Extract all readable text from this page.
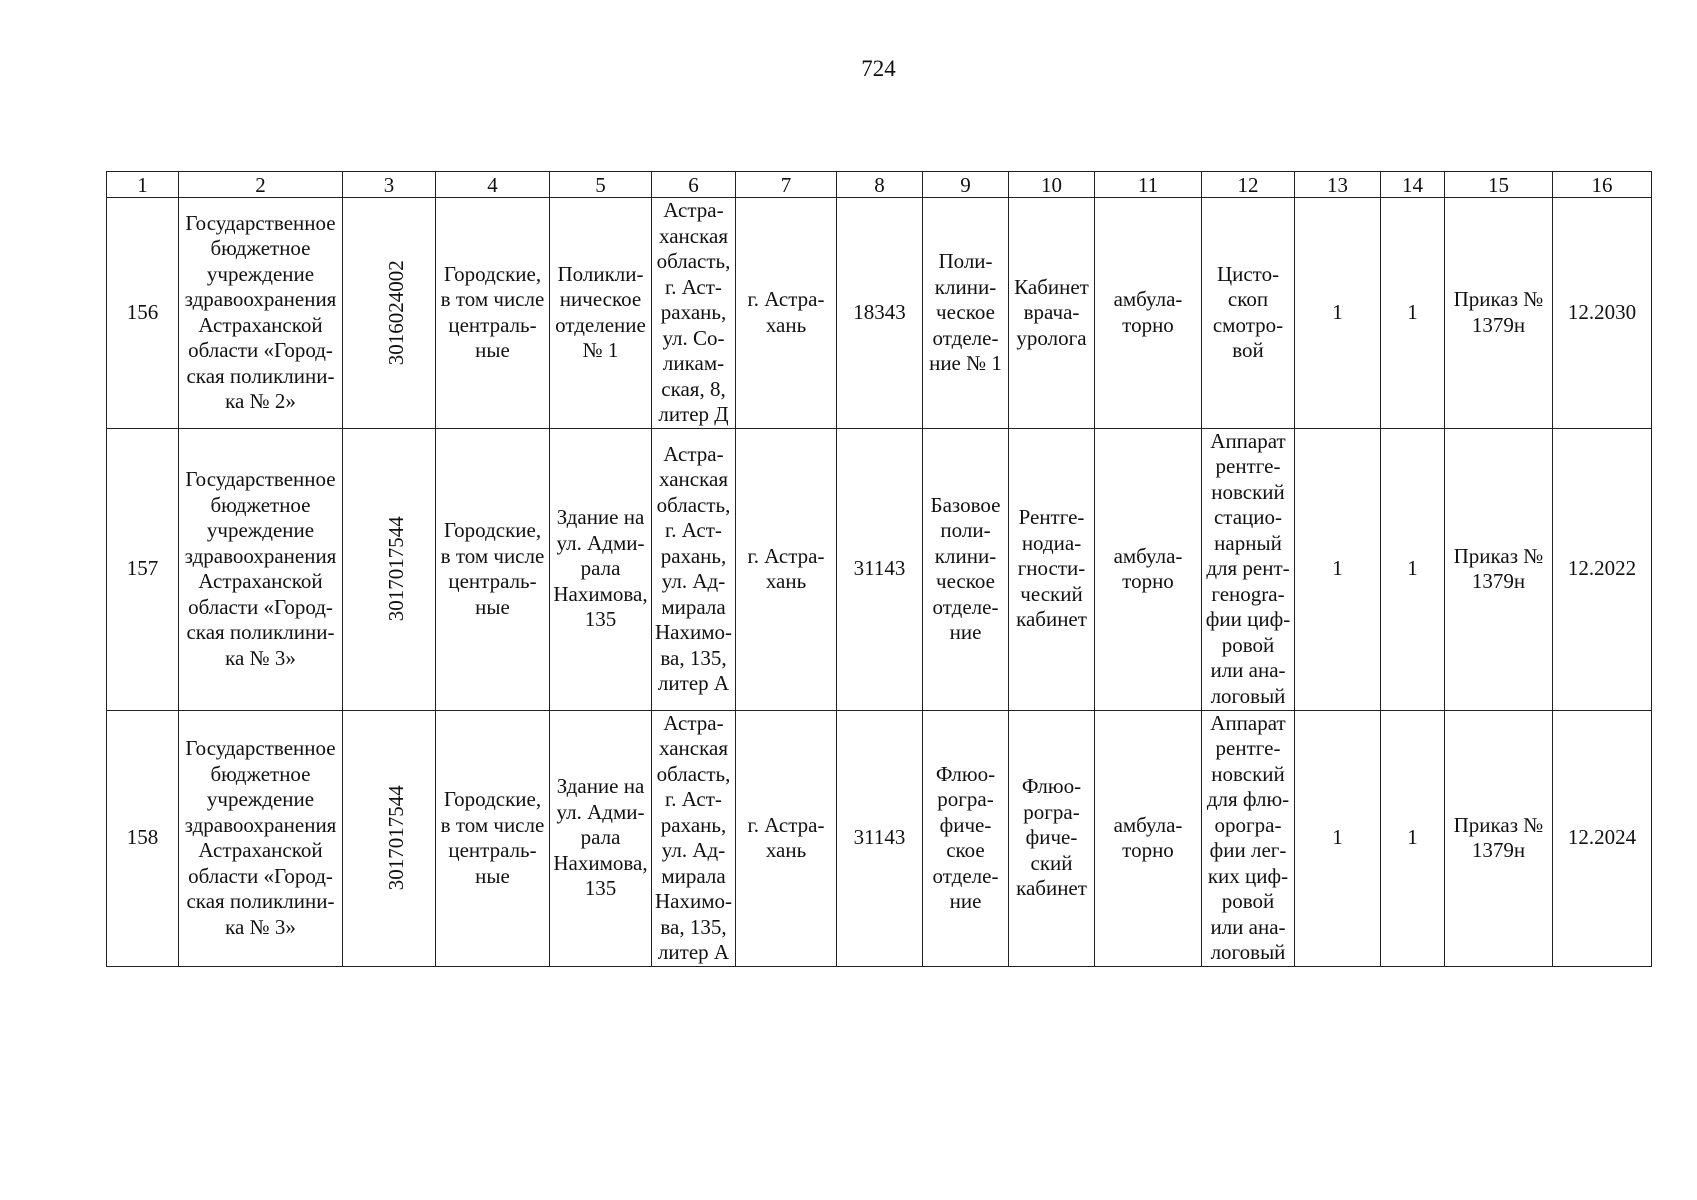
724
1	2	3	4	5	6	7	8	9	10	11	12	13	14	15	16
156	Государственное бюджетное учреждение здравоохранения Астраханской области «Город- ская поликлини- ка № 2»	3016024002	Городские, в том числе централь- ные	Поликли- ническое отделение № 1	Астра- ханская область, г. Аст- рахань, ул. Со- ликам- ская, 8, литер Д	г. Астра- хань	18343	Поли- клини- ческое отделе- ние № 1	Кабинет врача- уролога	амбула- торно	Цисто- скоп смотро- вой	1	1	Приказ № 1379н	12.2030
157	Государственное бюджетное учреждение здравоохранения Астраханской области «Город- ская поликлини- ка № 3»	3017017544	Городские, в том числе централь- ные	Здание на ул. Адми- рала Нахимова, 135	Астра- ханская область, г. Аст- рахань, ул. Ад- мирала Нахимо- ва, 135, литер А	г. Астра- хань	31143	Базовое поли- клини- ческое отделе- ние	Рентге- нодиа- гности- ческий кабинет	амбула- торно	Аппарат рентге- новский стацио- нарный для рент- генogra- фии циф- ровой или ана- логовый	1	1	Приказ № 1379н	12.2022
158	Государственное бюджетное учреждение здравоохранения Астраханской области «Город- ская поликлини- ка № 3»	3017017544	Городские, в том числе централь- ные	Здание на ул. Адми- рала Нахимова, 135	Астра- ханская область, г. Аст- рахань, ул. Ад- мирала Нахимо- ва, 135, литер А	г. Астра- хань	31143	Флюо- рогра- фиче- ское отделе- ние	Флюо- рогра- фиче- ский кабинет	амбула- торно	Аппарат рентге- новский для флю- орогра- фии лег- ких циф- ровой или ана- логовый	1	1	Приказ № 1379н	12.2024
